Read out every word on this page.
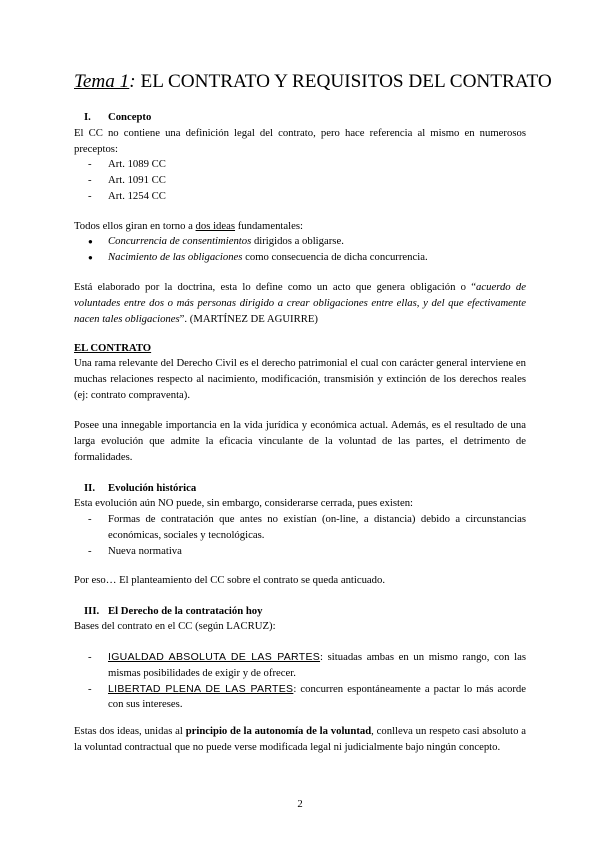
Tema 1: EL CONTRATO Y REQUISITOS DEL CONTRATO
I. Concepto
El CC no contiene una definición legal del contrato, pero hace referencia al mismo en numerosos preceptos:
-	Art. 1089 CC
-	Art. 1091 CC
-	Art. 1254 CC
Todos ellos giran en torno a dos ideas fundamentales:
●	Concurrencia de consentimientos dirigidos a obligarse.
●	Nacimiento de las obligaciones como consecuencia de dicha concurrencia.
Está elaborado por la doctrina, esta lo define como un acto que genera obligación o “acuerdo de voluntades entre dos o más personas dirigido a crear obligaciones entre ellas, y del que efectivamente nacen tales obligaciones”. (MARTÍNEZ DE AGUIRRE)
EL CONTRATO
Una rama relevante del Derecho Civil es el derecho patrimonial el cual con carácter general interviene en muchas relaciones respecto al nacimiento, modificación, transmisión y extinción de los derechos reales (ej: contrato compraventa).
Posee una innegable importancia en la vida jurídica y económica actual. Además, es el resultado de una larga evolución que admite la eficacia vinculante de la voluntad de las partes, el detrimento de formalidades.
II. Evolución histórica
Esta evolución aún NO puede, sin embargo, considerarse cerrada, pues existen:
-	Formas de contratación que antes no existían (on-line, a distancia) debido a circunstancias económicas, sociales y tecnológicas.
-	Nueva normativa
Por eso… El planteamiento del CC sobre el contrato se queda anticuado.
III. El Derecho de la contratación hoy
Bases del contrato en el CC (según LACRUZ):
-	IGUALDAD ABSOLUTA DE LAS PARTES: situadas ambas en un mismo rango, con las mismas posibilidades de exigir y de ofrecer.
-	LIBERTAD PLENA DE LAS PARTES: concurren espontáneamente a pactar lo más acorde con sus intereses.
Estas dos ideas, unidas al principio de la autonomía de la voluntad, conlleva un respeto casi absoluto a la voluntad contractual que no puede verse modificada legal ni judicialmente bajo ningún concepto.
2
